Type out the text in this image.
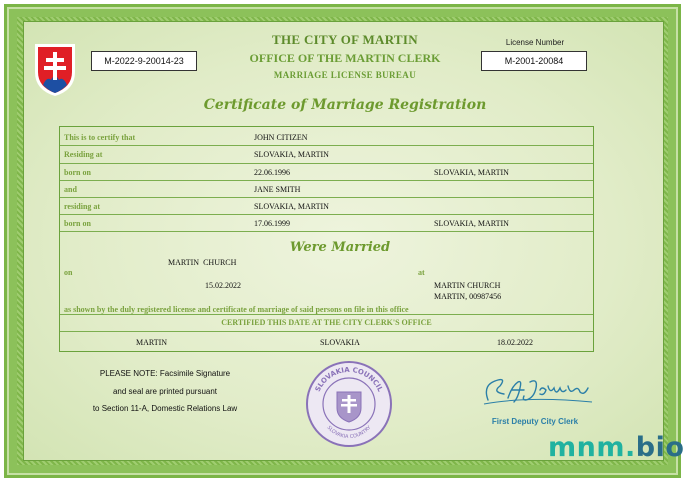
M-2022-9-20014-23
License Number
M-2001-20084
THE CITY OF MARTIN
OFFICE OF THE MARTIN CLERK
MARRIAGE LICENSE BUREAU
Certificate of Marriage Registration
This is to certify that	JOHN CITIZEN
Residing at	SLOVAKIA, MARTIN
born on	22.06.1996	SLOVAKIA, MARTIN
and	JANE SMITH
residing at	SLOVAKIA, MARTIN
born on	17.06.1999	SLOVAKIA, MARTIN
Were Married
MARTIN  CHURCH
on	at
15.02.2022	MARTIN CHURCH
MARTIN, 00987456
as shown by the duly registered license and certificate of marriage of said persons on file in this office
CERTIFIED THIS DATE AT THE CITY CLERK'S OFFICE
MARTIN	SLOVAKIA	18.02.2022
PLEASE NOTE: Facsimile Signature
and seal are printed pursuant
to Section 11-A, Domestic Relations Law
SLOVAKIA COUNCIL
SLOVAKIA COUNTRY
First Deputy City Clerk
mnm.bio
